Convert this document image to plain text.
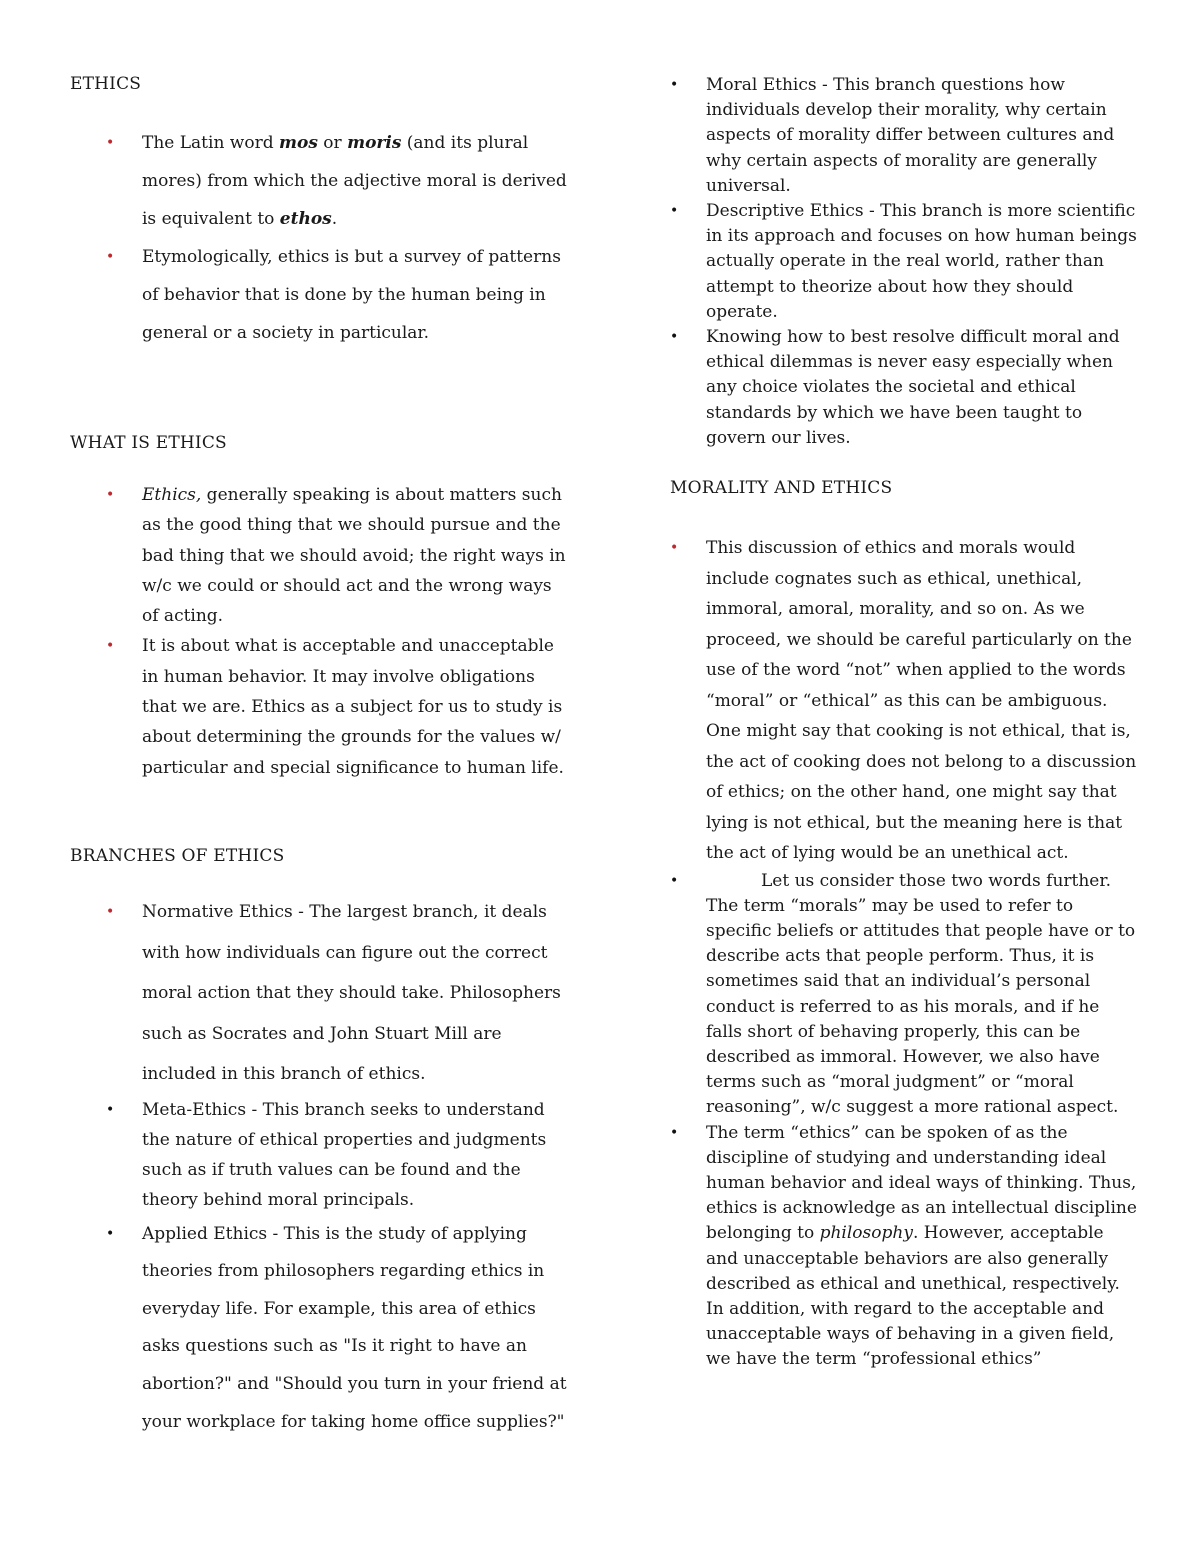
ETHICS
• The Latin word mos or moris (and its plural mores) from which the adjective moral is derived is equivalent to ethos.
• Etymologically, ethics is but a survey of patterns of behavior that is done by the human being in general or a society in particular.
WHAT IS ETHICS
• Ethics, generally speaking is about matters such as the good thing that we should pursue and the bad thing that we should avoid; the right ways in w/c we could or should act and the wrong ways of acting.
• It is about what is acceptable and unacceptable in human behavior. It may involve obligations that we are. Ethics as a subject for us to study is about determining the grounds for the values w/ particular and special significance to human life.
BRANCHES OF ETHICS
• Normative Ethics - The largest branch, it deals with how individuals can figure out the correct moral action that they should take. Philosophers such as Socrates and John Stuart Mill are included in this branch of ethics.
• Meta-Ethics - This branch seeks to understand the nature of ethical properties and judgments such as if truth values can be found and the theory behind moral principals.
• Applied Ethics - This is the study of applying theories from philosophers regarding ethics in everyday life. For example, this area of ethics asks questions such as "Is it right to have an abortion?" and "Should you turn in your friend at your workplace for taking home office supplies?"
• Moral Ethics - This branch questions how individuals develop their morality, why certain aspects of morality differ between cultures and why certain aspects of morality are generally universal.
• Descriptive Ethics - This branch is more scientific in its approach and focuses on how human beings actually operate in the real world, rather than attempt to theorize about how they should operate.
• Knowing how to best resolve difficult moral and ethical dilemmas is never easy especially when any choice violates the societal and ethical standards by which we have been taught to govern our lives.
MORALITY AND ETHICS
• This discussion of ethics and morals would include cognates such as ethical, unethical, immoral, amoral, morality, and so on. As we proceed, we should be careful particularly on the use of the word “not” when applied to the words “moral” or “ethical” as this can be ambiguous. One might say that cooking is not ethical, that is, the act of cooking does not belong to a discussion of ethics; on the other hand, one might say that lying is not ethical, but the meaning here is that the act of lying would be an unethical act.
•	Let us consider those two words further. The term “morals” may be used to refer to specific beliefs or attitudes that people have or to describe acts that people perform. Thus, it is sometimes said that an individual’s personal conduct is referred to as his morals, and if he falls short of behaving properly, this can be described as immoral. However, we also have terms such as “moral judgment” or “moral reasoning”, w/c suggest a more rational aspect.
• The term “ethics” can be spoken of as the discipline of studying and understanding ideal human behavior and ideal ways of thinking. Thus, ethics is acknowledge as an intellectual discipline belonging to philosophy. However, acceptable and unacceptable behaviors are also generally described as ethical and unethical, respectively. In addition, with regard to the acceptable and unacceptable ways of behaving in a given field, we have the term “professional ethics”
